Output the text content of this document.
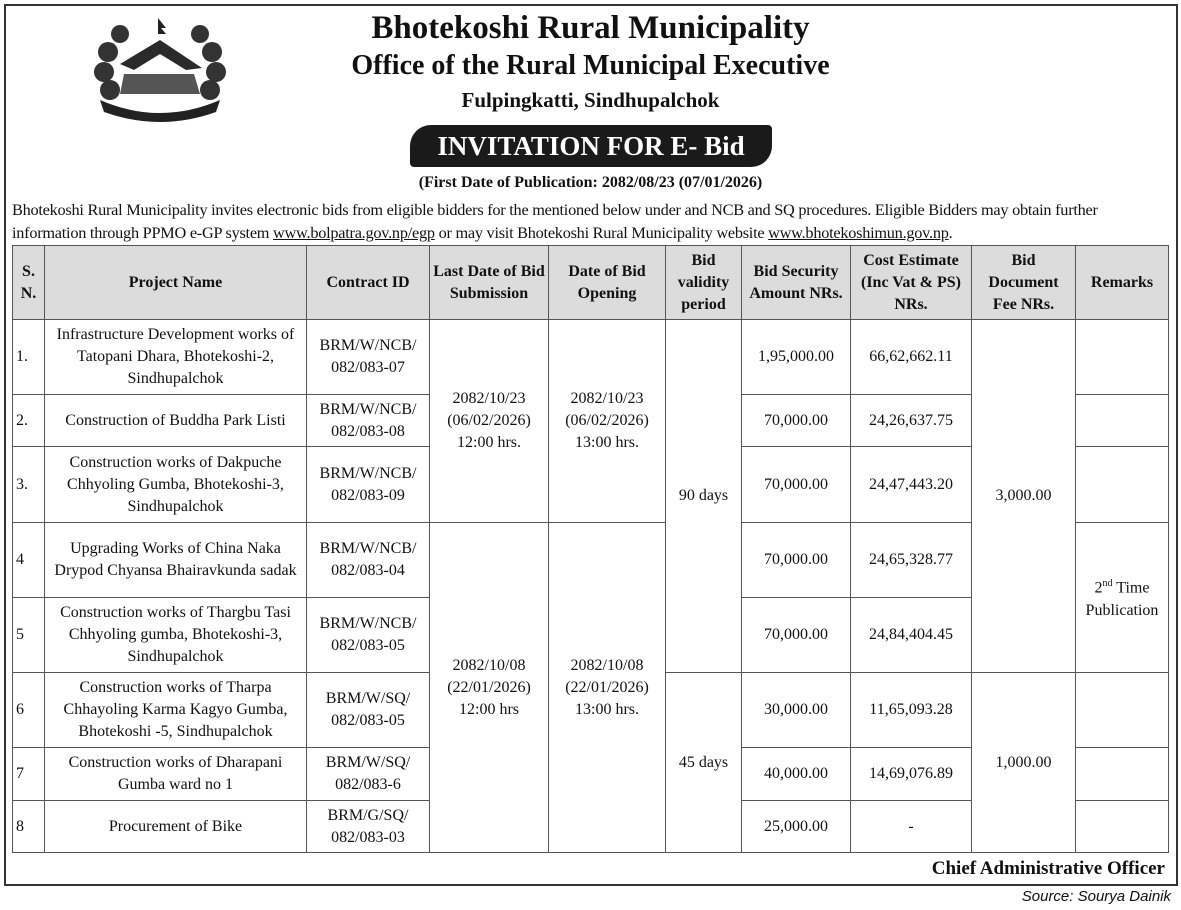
Bhotekoshi Rural Municipality
Office of the Rural Municipal Executive
Fulpingkatti, Sindhupalchok
INVITATION FOR E- Bid
(First Date of Publication: 2082/08/23 (07/01/2026)
Bhotekoshi Rural Municipality invites electronic bids from eligible bidders for the mentioned below under and NCB and SQ procedures. Eligible Bidders may obtain further information through PPMO e-GP system www.bolpatra.gov.np/egp or may visit Bhotekoshi Rural Municipality website www.bhotekoshimun.gov.np.
S. N.	Project Name	Contract ID	Last Date of Bid Submission	Date of Bid Opening	Bid validity period	Bid Security Amount NRs.	Cost Estimate (Inc Vat & PS) NRs.	Bid Document Fee NRs.	Remarks
1.	Infrastructure Development works of Tatopani Dhara, Bhotekoshi-2, Sindhupalchok	BRM/W/NCB/ 082/083-07	2082/10/23 (06/02/2026) 12:00 hrs.	2082/10/23 (06/02/2026) 13:00 hrs.	90 days	1,95,000.00	66,62,662.11	3,000.00	
2.	Construction of Buddha Park Listi	BRM/W/NCB/ 082/083-08				70,000.00	24,26,637.75		
3.	Construction works of Dakpuche Chhyoling Gumba, Bhotekoshi-3, Sindhupalchok	BRM/W/NCB/ 082/083-09				70,000.00	24,47,443.20		
4	Upgrading Works of China Naka Drypod Chyansa Bhairavkunda sadak	BRM/W/NCB/ 082/083-04	2082/10/08 (22/01/2026) 12:00 hrs	2082/10/08 (22/01/2026) 13:00 hrs.		70,000.00	24,65,328.77		2nd Time Publication
5	Construction works of Thargbu Tasi Chhyoling gumba, Bhotekoshi-3, Sindhupalchok	BRM/W/NCB/ 082/083-05				70,000.00	24,84,404.45		
6	Construction works of Tharpa Chhayoling Karma Kagyo Gumba, Bhotekoshi -5, Sindhupalchok	BRM/W/SQ/ 082/083-05			45 days	30,000.00	11,65,093.28	1,000.00	
7	Construction works of Dharapani Gumba ward no 1	BRM/W/SQ/ 082/083-6				40,000.00	14,69,076.89		
8	Procurement of Bike	BRM/G/SQ/ 082/083-03				25,000.00	-		
Chief Administrative Officer
Source: Sourya Dainik
